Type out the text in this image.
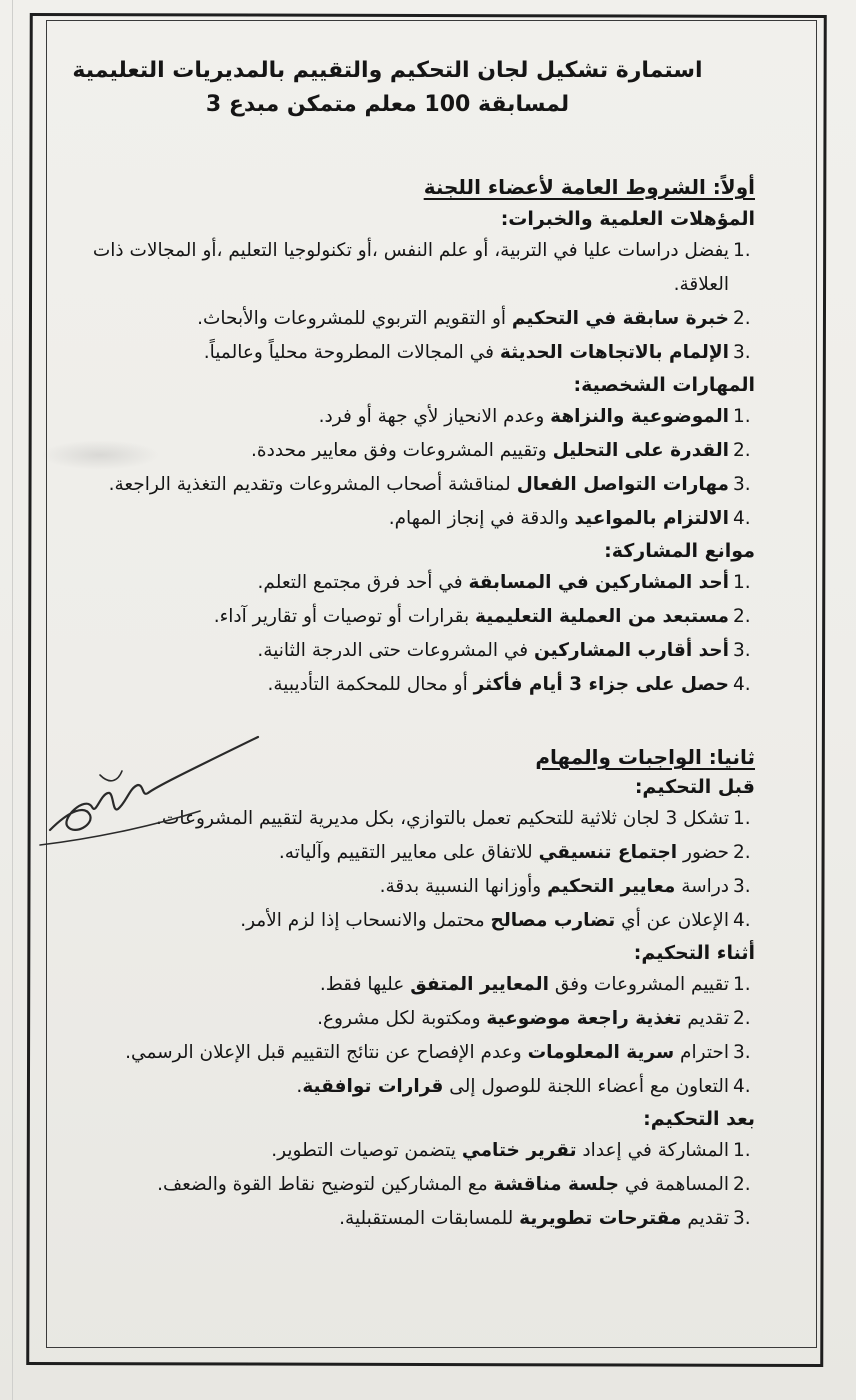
استمارة تشكيل لجان التحكيم والتقييم بالمديريات التعليمية

لمسابقة 100 معلم متمكن مبدع 3

أولاً: الشروط العامة لأعضاء اللجنة

المؤهلات العلمية والخبرات:

1.
يفضل دراسات عليا في التربية، أو علم النفس ،أو تكنولوجيا التعليم ،أو المجالات ذات العلاقة.
2.
خبرة سابقة في التحكيم أو التقويم التربوي للمشروعات والأبحاث.
3.
الإلمام بالاتجاهات الحديثة في المجالات المطروحة محلياً وعالمياً.

المهارات الشخصية:

1.
الموضوعية والنزاهة وعدم الانحياز لأي جهة أو فرد.
2.
القدرة على التحليل وتقييم المشروعات وفق معايير محددة.
3.
مهارات التواصل الفعال لمناقشة أصحاب المشروعات وتقديم التغذية الراجعة.
4.
الالتزام بالمواعيد والدقة في إنجاز المهام.

موانع المشاركة:

1.
أحد المشاركين في المسابقة في أحد فرق مجتمع التعلم.
2.
مستبعد من العملية التعليمية بقرارات أو توصيات أو تقارير آداء.
3.
أحد أقارب المشاركين في المشروعات حتى الدرجة الثانية.
4.
حصل على جزاء 3 أيام فأكثر أو محال للمحكمة التأديبية.

ثانيا: الواجبات والمهام

قبل التحكيم:

1.
تشكل 3 لجان ثلاثية للتحكيم تعمل بالتوازي، بكل مديرية لتقييم المشروعات.
2.
حضور اجتماع تنسيقي للاتفاق على معايير التقييم وآلياته.
3.
دراسة معايير التحكيم وأوزانها النسبية بدقة.
4.
الإعلان عن أي تضارب مصالح محتمل والانسحاب إذا لزم الأمر.

أثناء التحكيم:

1.
تقييم المشروعات وفق المعايير المتفق عليها فقط.
2.
تقديم تغذية راجعة موضوعية ومكتوبة لكل مشروع.
3.
احترام سرية المعلومات وعدم الإفصاح عن نتائج التقييم قبل الإعلان الرسمي.
4.
التعاون مع أعضاء اللجنة للوصول إلى قرارات توافقية.

بعد التحكيم:

1.
المشاركة في إعداد تقرير ختامي يتضمن توصيات التطوير.
2.
المساهمة في جلسة مناقشة مع المشاركين لتوضيح نقاط القوة والضعف.
3.
تقديم مقترحات تطويرية للمسابقات المستقبلية.
